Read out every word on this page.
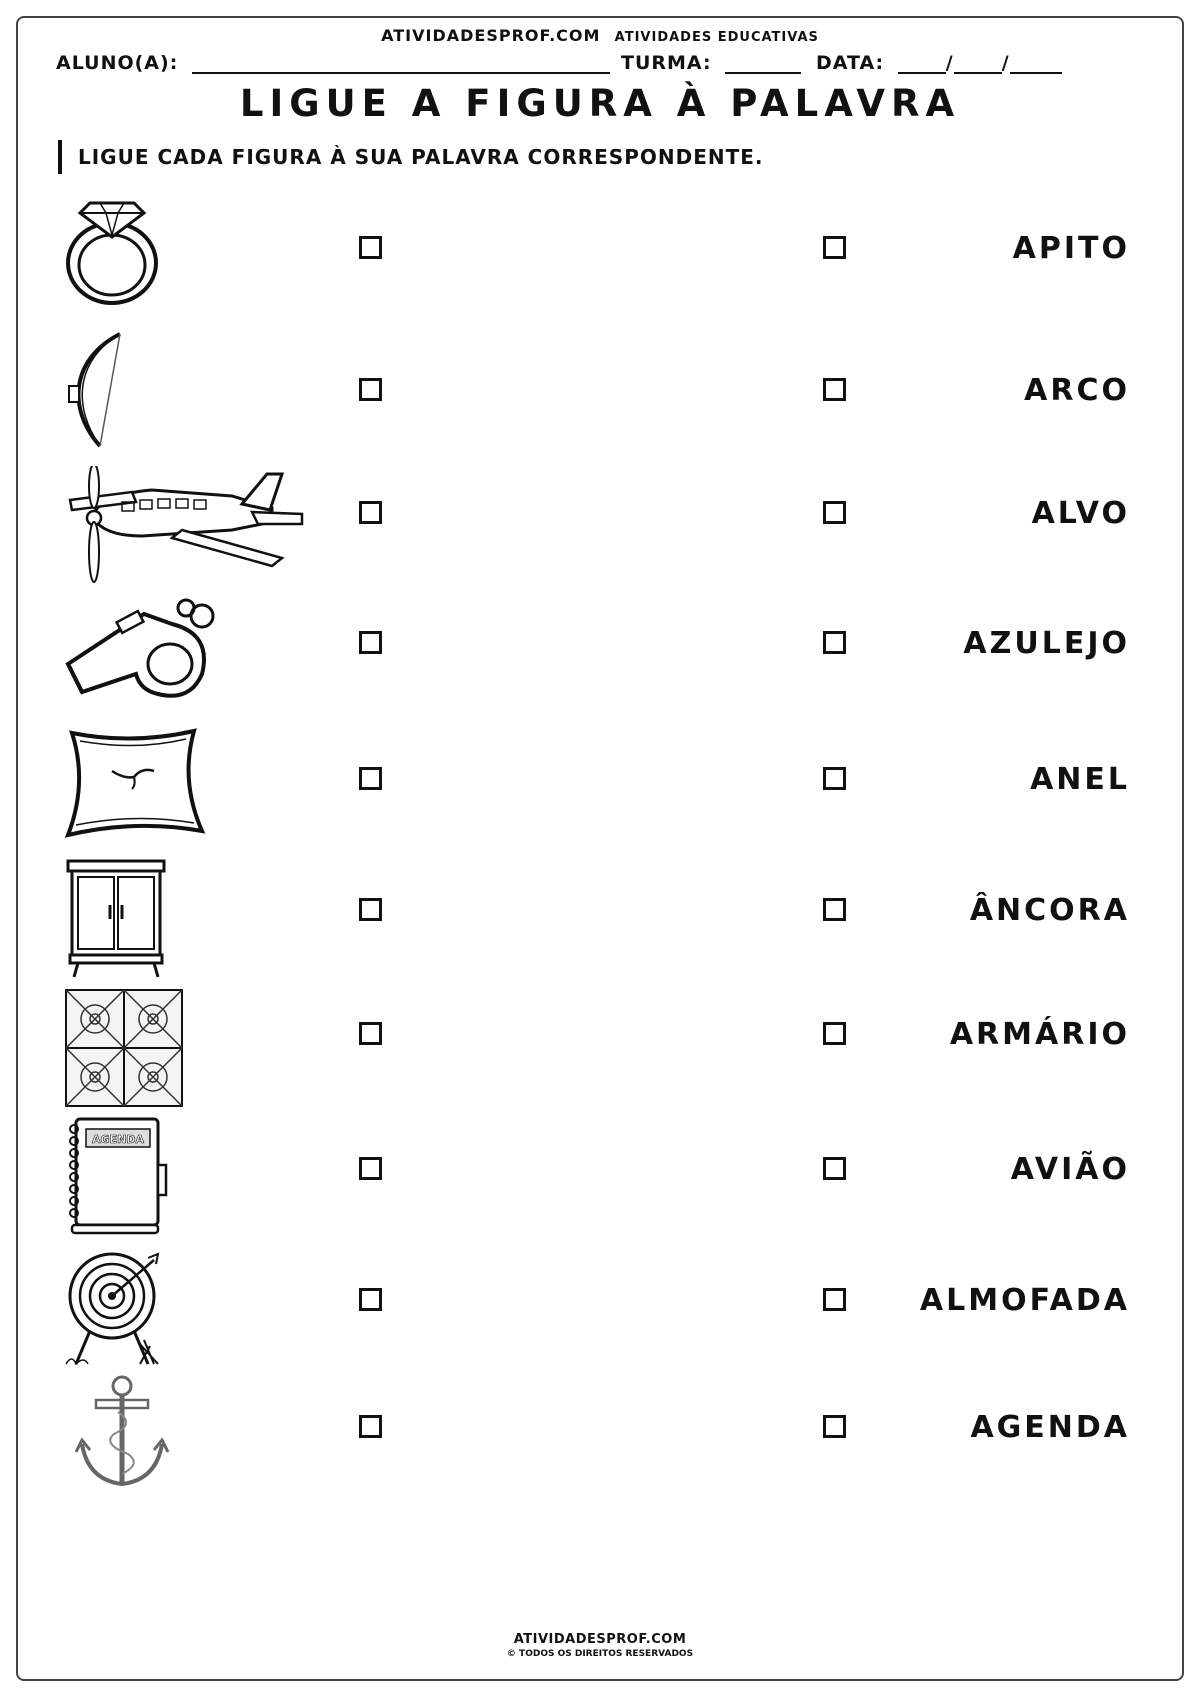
ATIVIDADESPROF.COM ATIVIDADES EDUCATIVAS
ALUNO(A):	TURMA:	DATA:	/	/
LIGUE A FIGURA À PALAVRA
LIGUE CADA FIGURA À SUA PALAVRA CORRESPONDENTE.
APITO
ARCO
ALVO
AZULEJO
ANEL
ÂNCORA
ARMÁRIO
AGENDA
AVIÃO
ALMOFADA
AGENDA
ATIVIDADESPROF.COM
© TODOS OS DIREITOS RESERVADOS
